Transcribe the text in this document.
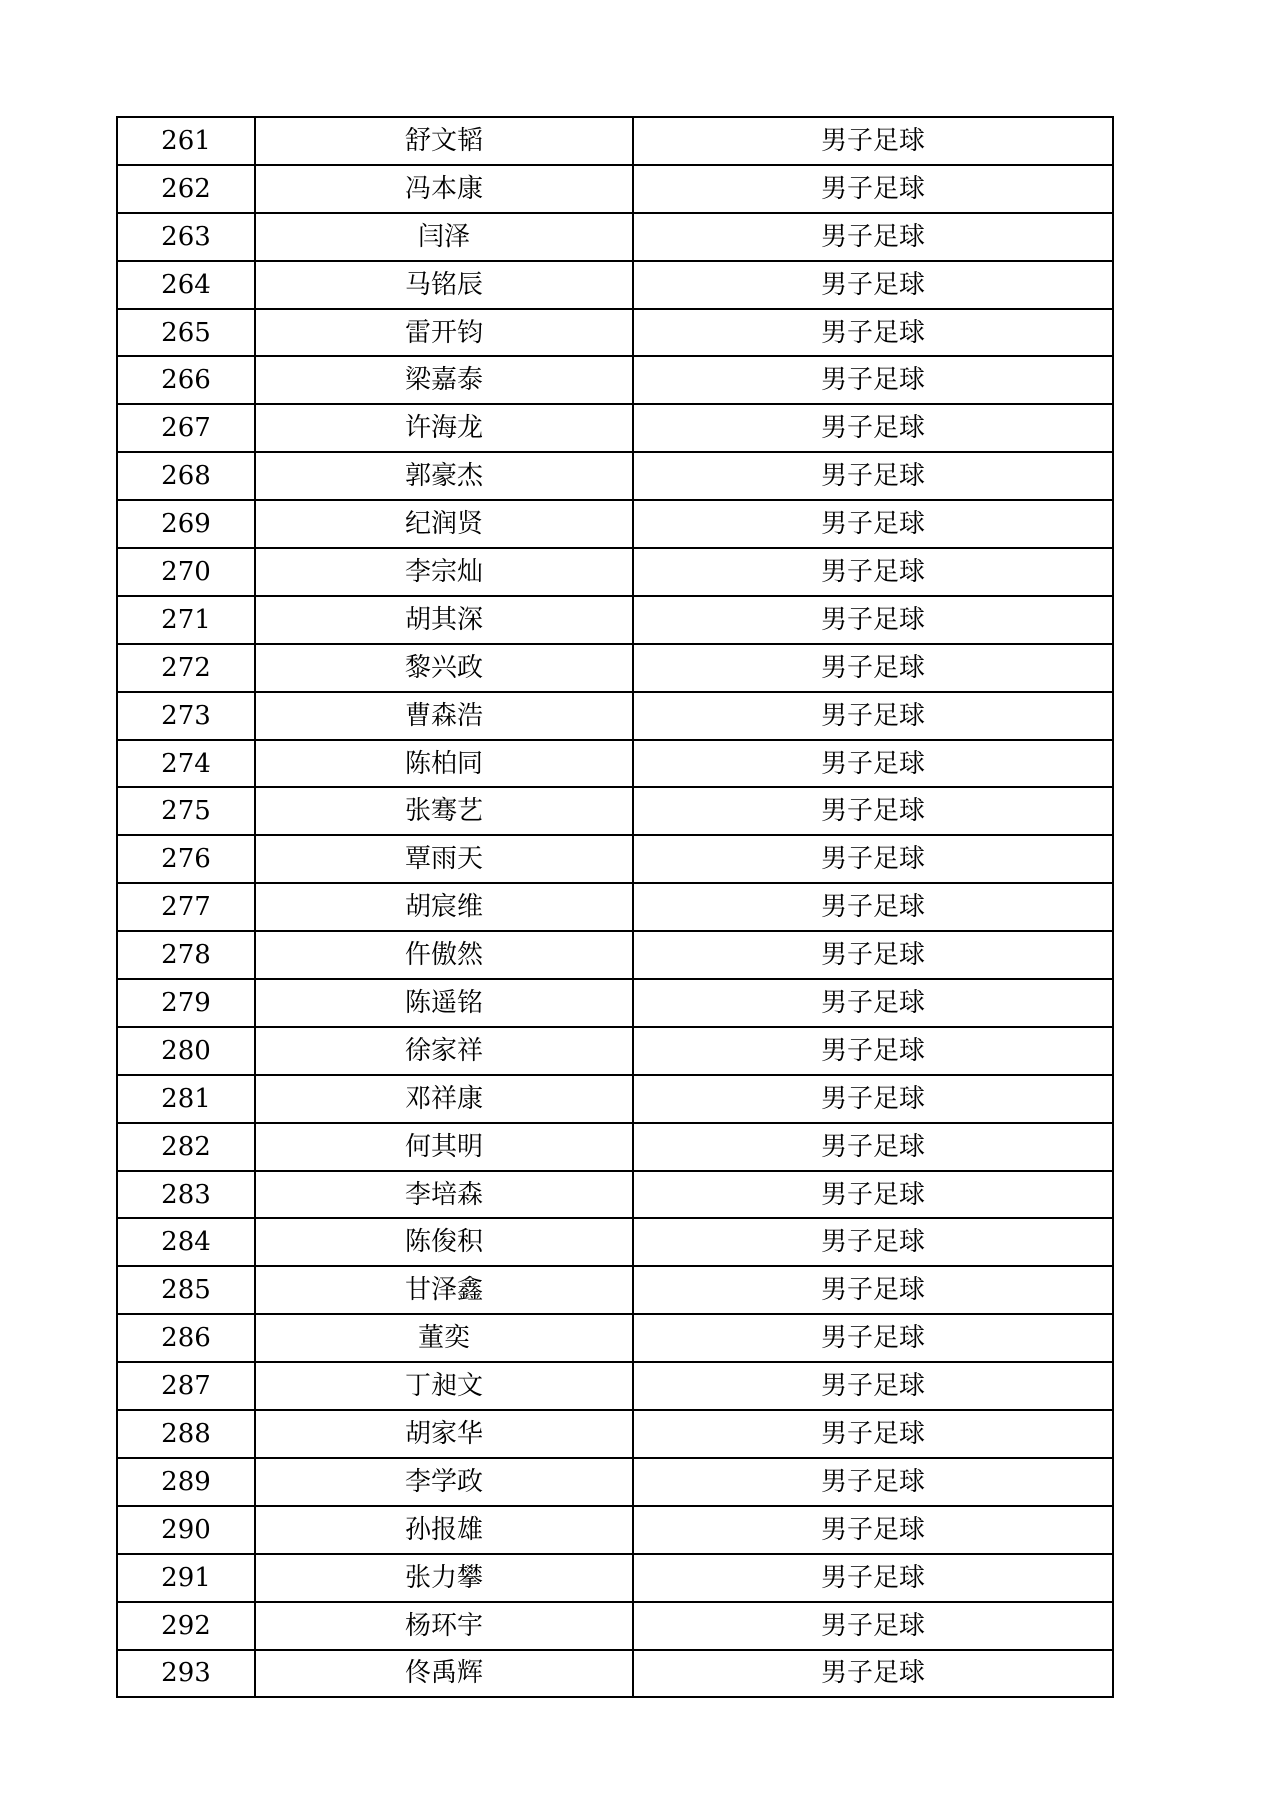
261	舒文韬	男子足球
262	冯本康	男子足球
263	闫泽	男子足球
264	马铭辰	男子足球
265	雷开钧	男子足球
266	梁嘉泰	男子足球
267	许海龙	男子足球
268	郭豪杰	男子足球
269	纪润贤	男子足球
270	李宗灿	男子足球
271	胡其深	男子足球
272	黎兴政	男子足球
273	曹森浩	男子足球
274	陈柏同	男子足球
275	张骞艺	男子足球
276	覃雨天	男子足球
277	胡宸维	男子足球
278	仵傲然	男子足球
279	陈遥铭	男子足球
280	徐家祥	男子足球
281	邓祥康	男子足球
282	何其明	男子足球
283	李培森	男子足球
284	陈俊积	男子足球
285	甘泽鑫	男子足球
286	董奕	男子足球
287	丁昶文	男子足球
288	胡家华	男子足球
289	李学政	男子足球
290	孙报雄	男子足球
291	张力攀	男子足球
292	杨环宇	男子足球
293	佟禹辉	男子足球
